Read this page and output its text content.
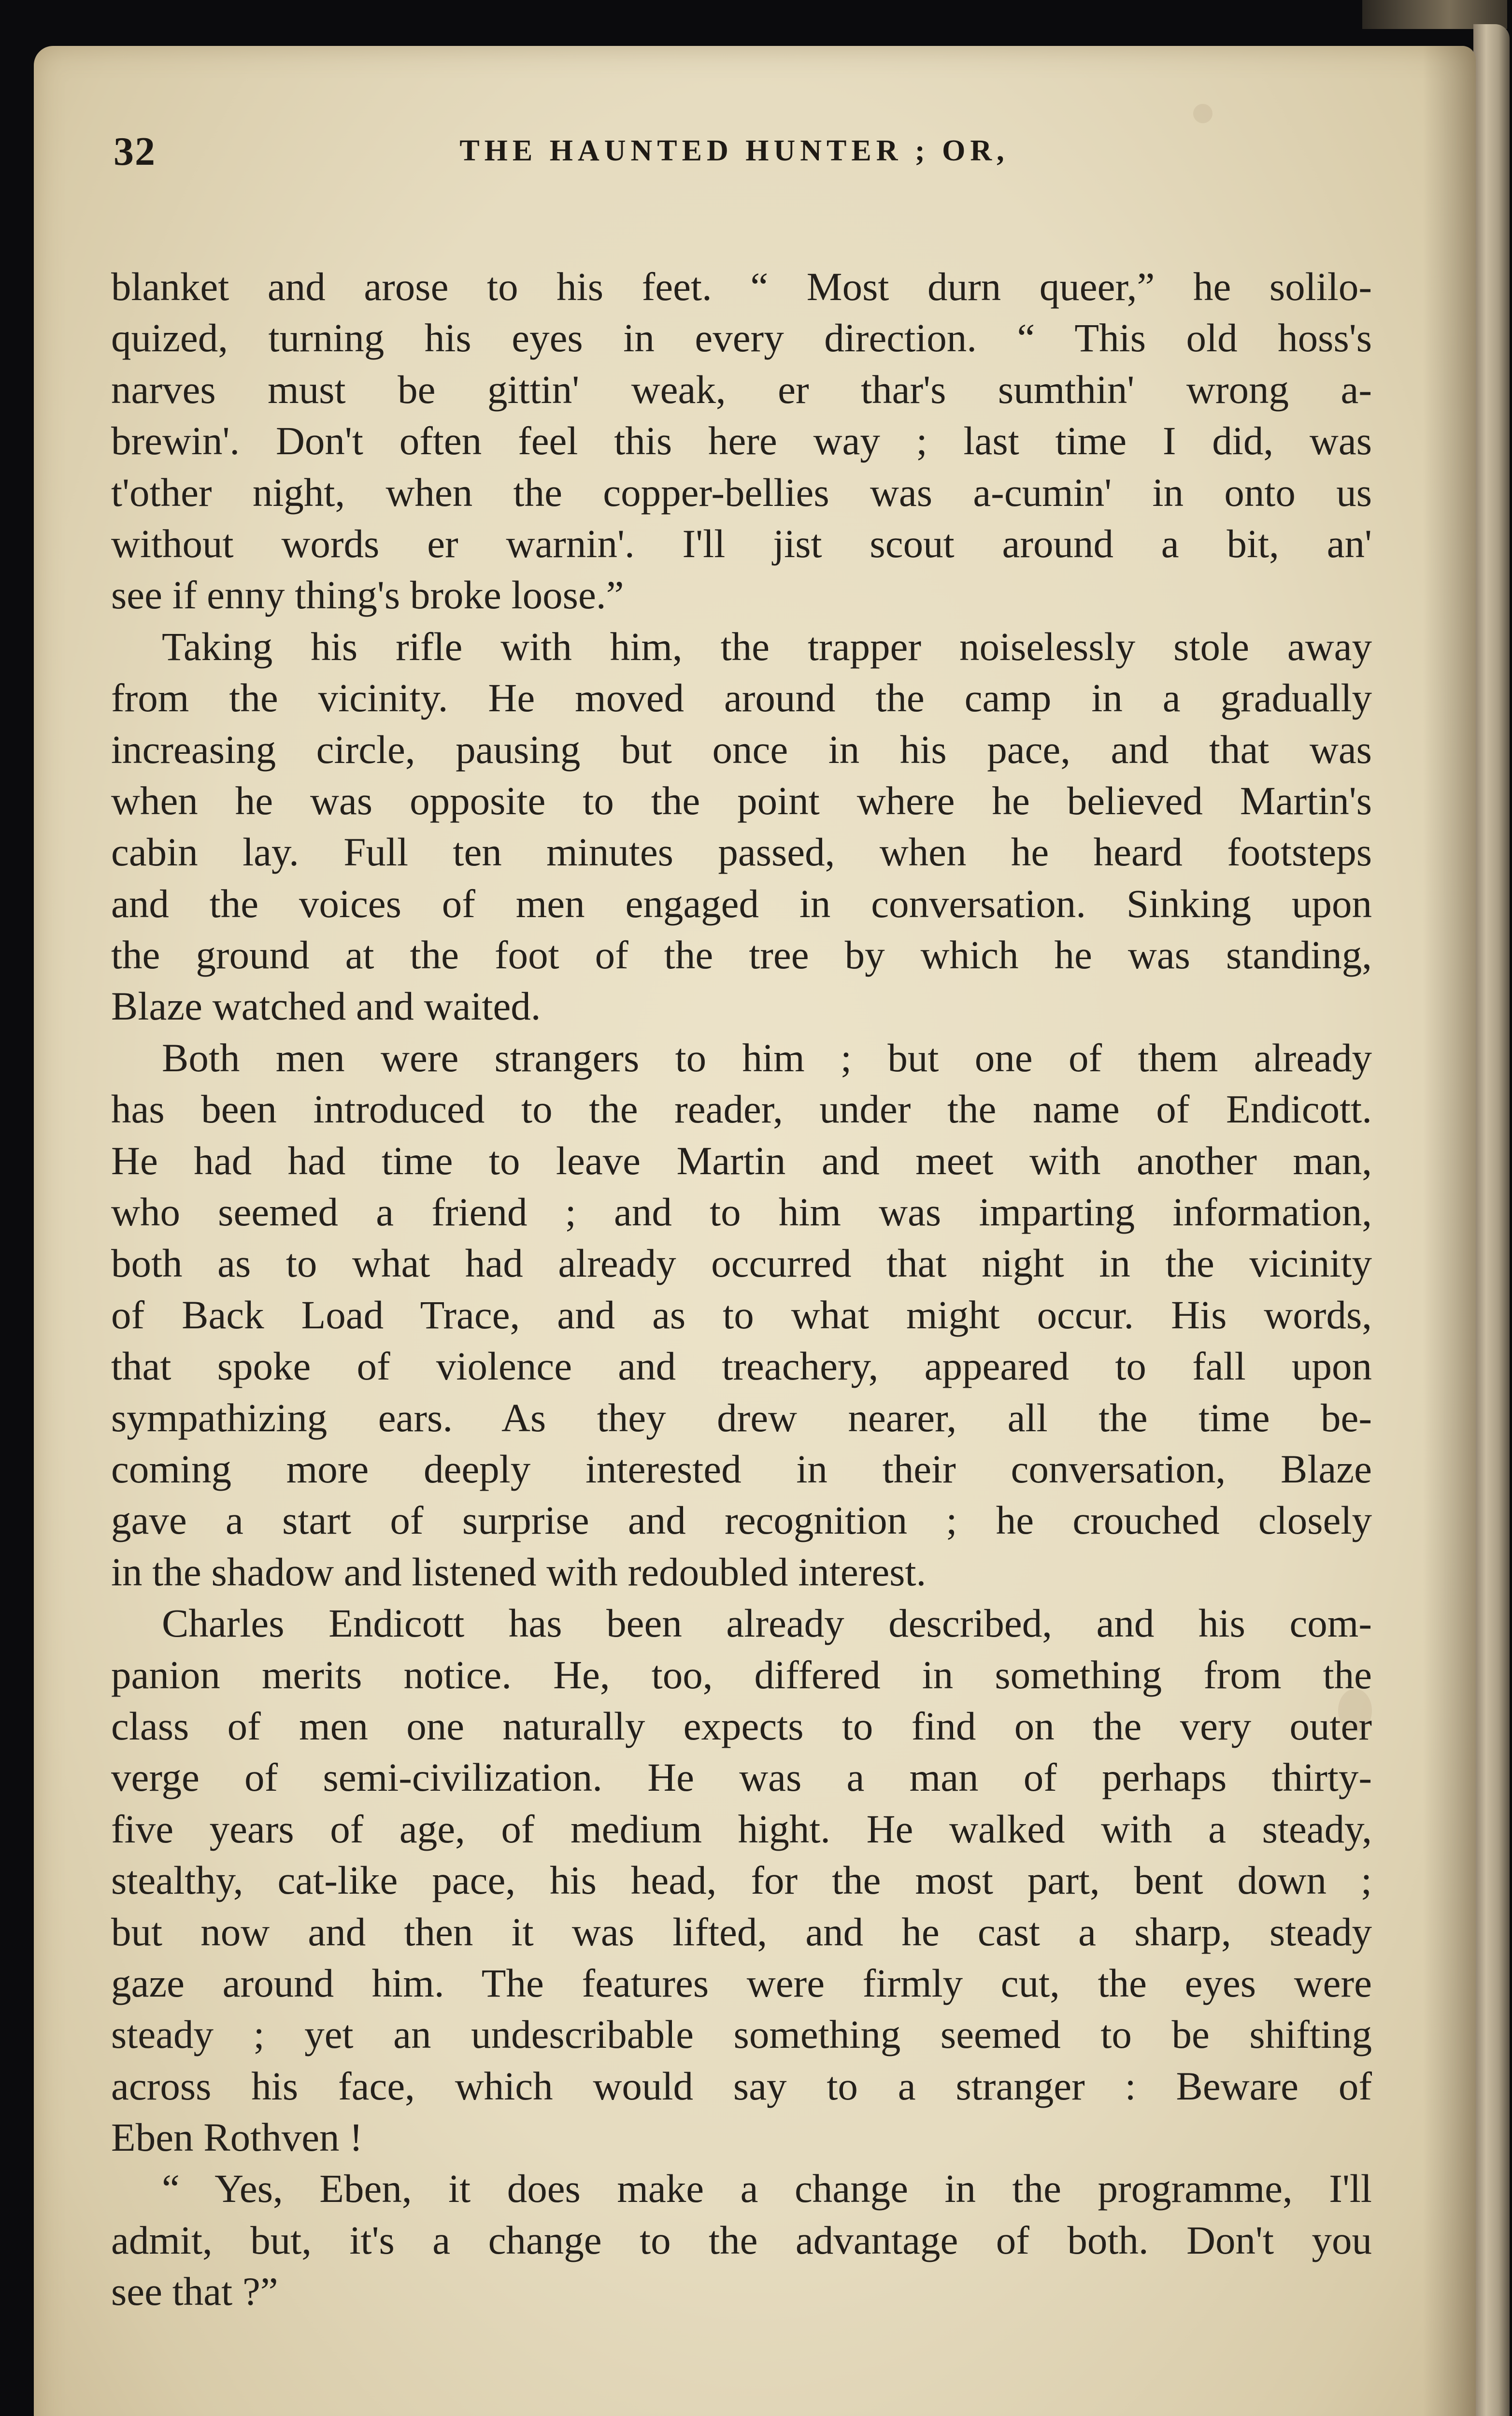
32	THE HAUNTED HUNTER ; OR,
blanket and arose to his feet. “ Most durn queer,” he solilo-
quized, turning his eyes in every direction. “ This old hoss's
narves must be gittin' weak, er thar's sumthin' wrong a-
brewin'. Don't often feel this here way ; last time I did, was
t'other night, when the copper-bellies was a-cumin' in onto us
without words er warnin'. I'll jist scout around a bit, an'
see if enny thing's broke loose.”
Taking his rifle with him, the trapper noiselessly stole away
from the vicinity. He moved around the camp in a gradually
increasing circle, pausing but once in his pace, and that was
when he was opposite to the point where he believed Martin's
cabin lay. Full ten minutes passed, when he heard footsteps
and the voices of men engaged in conversation. Sinking upon
the ground at the foot of the tree by which he was standing,
Blaze watched and waited.
Both men were strangers to him ; but one of them already
has been introduced to the reader, under the name of Endicott.
He had had time to leave Martin and meet with another man,
who seemed a friend ; and to him was imparting information,
both as to what had already occurred that night in the vicinity
of Back Load Trace, and as to what might occur. His words,
that spoke of violence and treachery, appeared to fall upon
sympathizing ears. As they drew nearer, all the time be-
coming more deeply interested in their conversation, Blaze
gave a start of surprise and recognition ; he crouched closely
in the shadow and listened with redoubled interest.
Charles Endicott has been already described, and his com-
panion merits notice. He, too, differed in something from the
class of men one naturally expects to find on the very outer
verge of semi-civilization. He was a man of perhaps thirty-
five years of age, of medium hight. He walked with a steady,
stealthy, cat-like pace, his head, for the most part, bent down ;
but now and then it was lifted, and he cast a sharp, steady
gaze around him. The features were firmly cut, the eyes were
steady ; yet an undescribable something seemed to be shifting
across his face, which would say to a stranger : Beware of
Eben Rothven !
“ Yes, Eben, it does make a change in the programme, I'll
admit, but, it's a change to the advantage of both. Don't you
see that ?”
